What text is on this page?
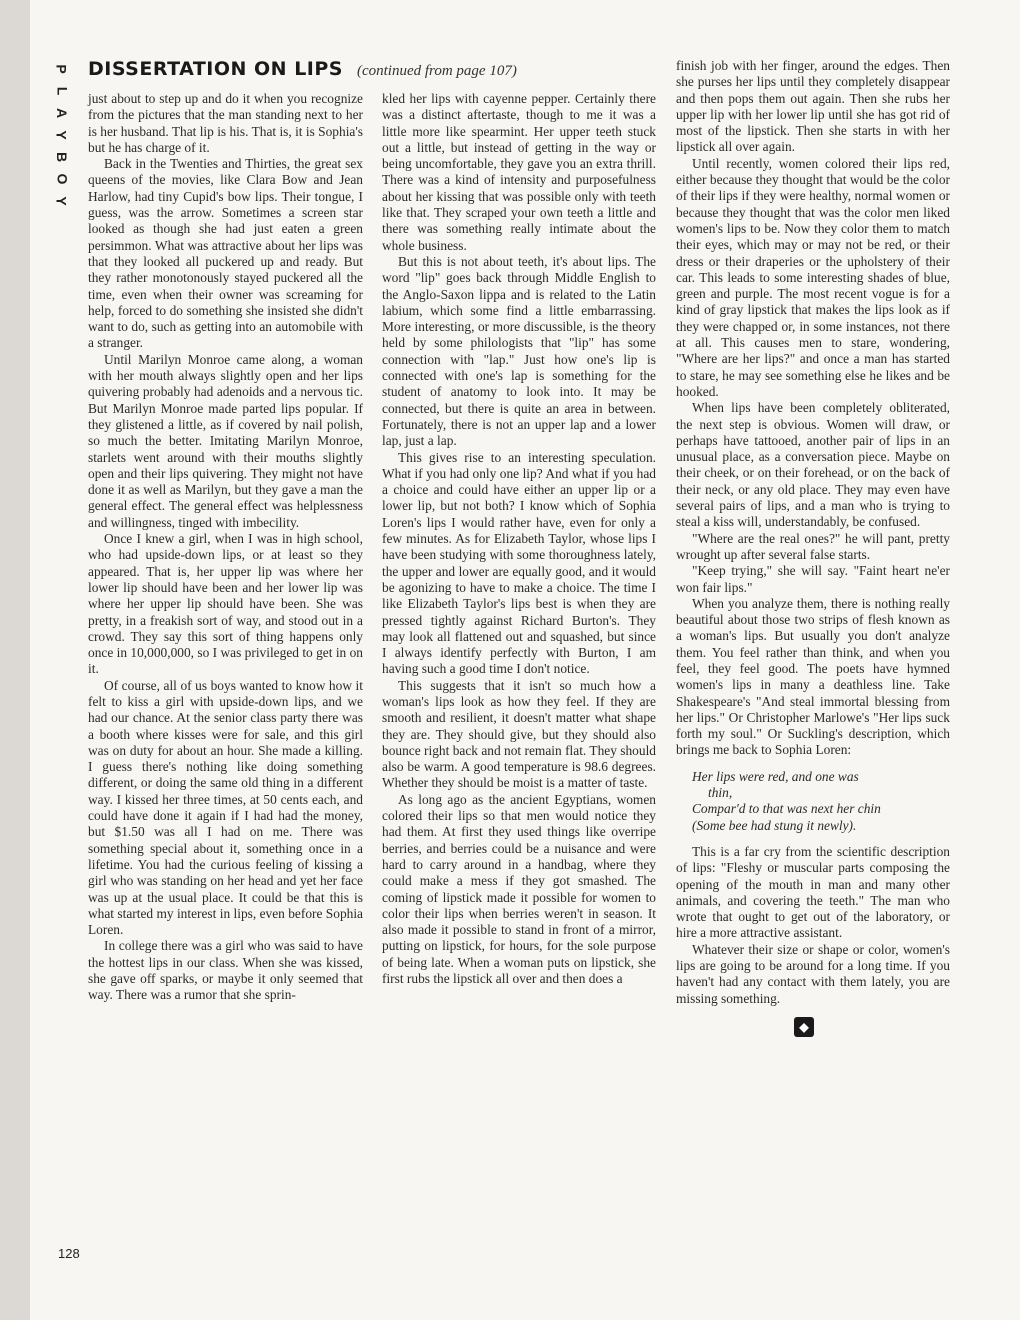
P
L
A
Y
B
O
Y
DISSERTATION ON LIPS (continued from page 107)

just about to step up and do it when you recognize from the pictures that the man standing next to her is her husband. That lip is his. That is, it is Sophia's but he has charge of it.

Back in the Twenties and Thirties, the great sex queens of the movies, like Clara Bow and Jean Harlow, had tiny Cupid's bow lips. Their tongue, I guess, was the arrow. Sometimes a screen star looked as though she had just eaten a green persimmon. What was attractive about her lips was that they looked all puckered up and ready. But they rather monotonously stayed puckered all the time, even when their owner was screaming for help, forced to do something she insisted she didn't want to do, such as getting into an automobile with a stranger.

Until Marilyn Monroe came along, a woman with her mouth always slightly open and her lips quivering probably had adenoids and a nervous tic. But Marilyn Monroe made parted lips popular. If they glistened a little, as if covered by nail polish, so much the better. Imitating Marilyn Monroe, starlets went around with their mouths slightly open and their lips quivering. They might not have done it as well as Marilyn, but they gave a man the general effect. The general effect was helplessness and willingness, tinged with imbecility.

Once I knew a girl, when I was in high school, who had upside-down lips, or at least so they appeared. That is, her upper lip was where her lower lip should have been and her lower lip was where her upper lip should have been. She was pretty, in a freakish sort of way, and stood out in a crowd. They say this sort of thing happens only once in 10,000,000, so I was privileged to get in on it.

Of course, all of us boys wanted to know how it felt to kiss a girl with upside-down lips, and we had our chance. At the senior class party there was a booth where kisses were for sale, and this girl was on duty for about an hour. She made a killing. I guess there's nothing like doing something different, or doing the same old thing in a different way. I kissed her three times, at 50 cents each, and could have done it again if I had had the money, but $1.50 was all I had on me. There was something special about it, something once in a lifetime. You had the curious feeling of kissing a girl who was standing on her head and yet her face was up at the usual place. It could be that this is what started my interest in lips, even before Sophia Loren.

In college there was a girl who was said to have the hottest lips in our class. When she was kissed, she gave off sparks, or maybe it only seemed that way. There was a rumor that she sprin-

kled her lips with cayenne pepper. Certainly there was a distinct aftertaste, though to me it was a little more like spearmint. Her upper teeth stuck out a little, but instead of getting in the way or being uncomfortable, they gave you an extra thrill. There was a kind of intensity and purposefulness about her kissing that was possible only with teeth like that. They scraped your own teeth a little and there was something really intimate about the whole business.

But this is not about teeth, it's about lips. The word "lip" goes back through Middle English to the Anglo-Saxon lippa and is related to the Latin labium, which some find a little embarrassing. More interesting, or more discussible, is the theory held by some philologists that "lip" has some connection with "lap." Just how one's lip is connected with one's lap is something for the student of anatomy to look into. It may be connected, but there is quite an area in between. Fortunately, there is not an upper lap and a lower lap, just a lap.

This gives rise to an interesting speculation. What if you had only one lip? And what if you had a choice and could have either an upper lip or a lower lip, but not both? I know which of Sophia Loren's lips I would rather have, even for only a few minutes. As for Elizabeth Taylor, whose lips I have been studying with some thoroughness lately, the upper and lower are equally good, and it would be agonizing to have to make a choice. The time I like Elizabeth Taylor's lips best is when they are pressed tightly against Richard Burton's. They may look all flattened out and squashed, but since I always identify perfectly with Burton, I am having such a good time I don't notice.

This suggests that it isn't so much how a woman's lips look as how they feel. If they are smooth and resilient, it doesn't matter what shape they are. They should give, but they should also bounce right back and not remain flat. They should also be warm. A good temperature is 98.6 degrees. Whether they should be moist is a matter of taste.

As long ago as the ancient Egyptians, women colored their lips so that men would notice they had them. At first they used things like overripe berries, and berries could be a nuisance and were hard to carry around in a handbag, where they could make a mess if they got smashed. The coming of lipstick made it possible for women to color their lips when berries weren't in season. It also made it possible to stand in front of a mirror, putting on lipstick, for hours, for the sole purpose of being late. When a woman puts on lipstick, she first rubs the lipstick all over and then does a

finish job with her finger, around the edges. Then she purses her lips until they completely disappear and then pops them out again. Then she rubs her upper lip with her lower lip until she has got rid of most of the lipstick. Then she starts in with her lipstick all over again.

Until recently, women colored their lips red, either because they thought that would be the color of their lips if they were healthy, normal women or because they thought that was the color men liked women's lips to be. Now they color them to match their eyes, which may or may not be red, or their dress or their draperies or the upholstery of their car. This leads to some interesting shades of blue, green and purple. The most recent vogue is for a kind of gray lipstick that makes the lips look as if they were chapped or, in some instances, not there at all. This causes men to stare, wondering, "Where are her lips?" and once a man has started to stare, he may see something else he likes and be hooked.

When lips have been completely obliterated, the next step is obvious. Women will draw, or perhaps have tattooed, another pair of lips in an unusual place, as a conversation piece. Maybe on their cheek, or on their forehead, or on the back of their neck, or any old place. They may even have several pairs of lips, and a man who is trying to steal a kiss will, understandably, be confused.

"Where are the real ones?" he will pant, pretty wrought up after several false starts.

"Keep trying," she will say. "Faint heart ne'er won fair lips."

When you analyze them, there is nothing really beautiful about those two strips of flesh known as a woman's lips. But usually you don't analyze them. You feel rather than think, and when you feel, they feel good. The poets have hymned women's lips in many a deathless line. Take Shakespeare's "And steal immortal blessing from her lips." Or Christopher Marlowe's "Her lips suck forth my soul." Or Suckling's description, which brings me back to Sophia Loren:

Her lips were red, and one was
thin,
Compar'd to that was next her chin
(Some bee had stung it newly).

This is a far cry from the scientific description of lips: "Fleshy or muscular parts composing the opening of the mouth in man and many other animals, and covering the teeth." The man who wrote that ought to get out of the laboratory, or hire a more attractive assistant.

Whatever their size or shape or color, women's lips are going to be around for a long time. If you haven't had any contact with them lately, you are missing something.

◆
128
